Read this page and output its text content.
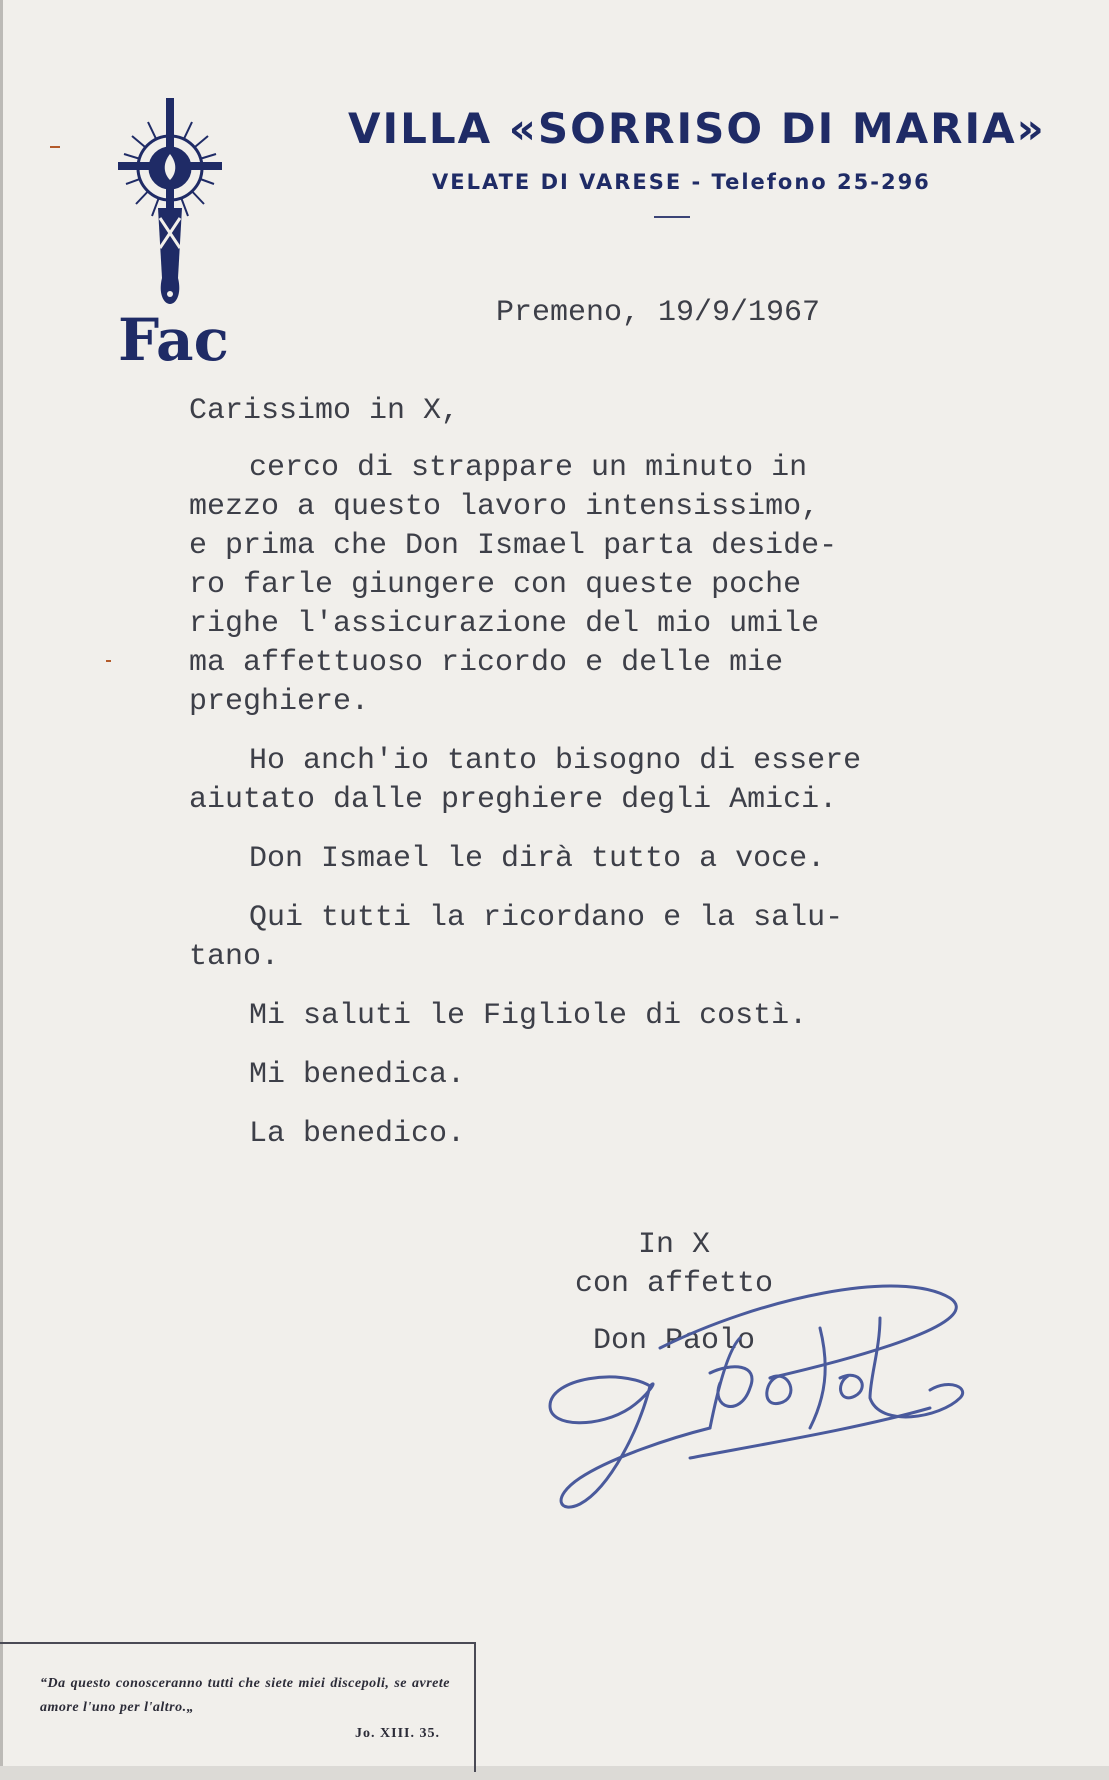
Fac
VILLA «SORRISO DI MARIA»
VELATE DI VARESE - Telefono 25-296
Premeno, 19/9/1967
Carissimo in X,
cerco di strappare un minuto in
mezzo a questo lavoro intensissimo,
e prima che Don Ismael parta deside-
ro farle giungere con queste poche
righe l'assicurazione del mio umile
ma affettuoso ricordo e delle mie
preghiere.
Ho anch'io tanto bisogno di essere
aiutato dalle preghiere degli Amici.
Don Ismael le dirà tutto a voce.
Qui tutti la ricordano e la salu-
tano.
Mi saluti le Figliole di costì.
Mi benedica.
La benedico.
In X
con affetto
Don Paolo
“Da questo conosceranno tutti che siete miei discepoli, se avrete amore l'uno per l'altro.„
Jo. XIII. 35.
